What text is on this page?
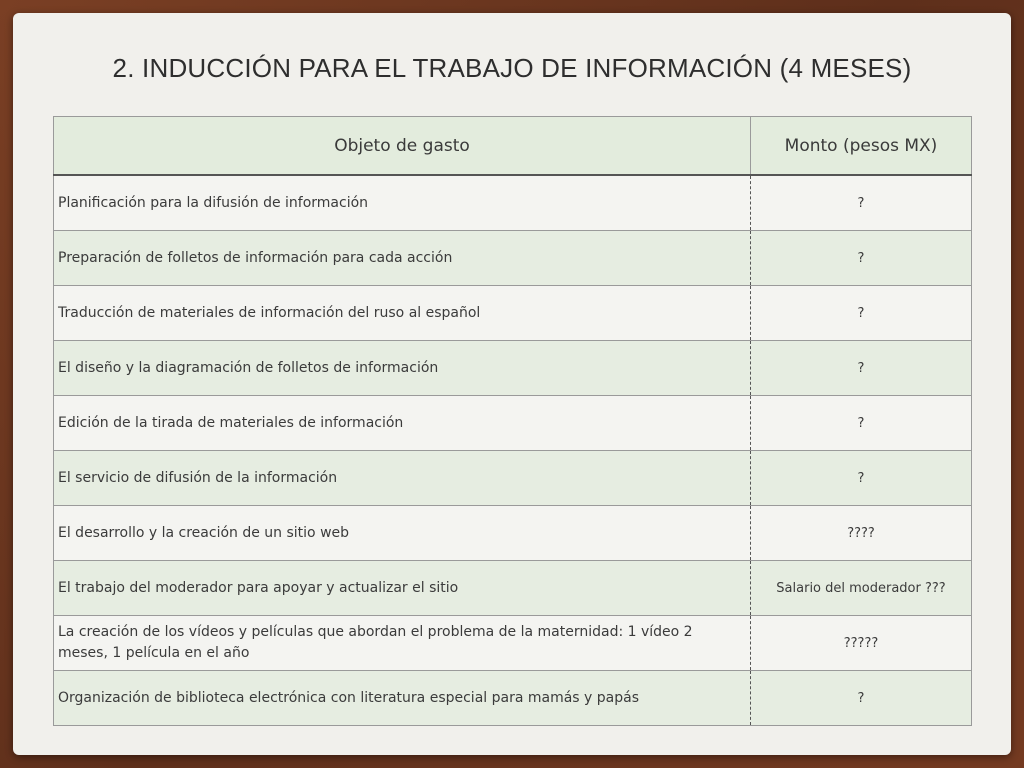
2. INDUCCIÓN PARA EL TRABAJO DE INFORMACIÓN (4 MESES)
Objeto de gasto	Monto (pesos MX)
Planificación para la difusión de información	?
Preparación de folletos de información para cada acción	?
Traducción de materiales de información del ruso al español	?
El diseño y la diagramación de folletos de información	?
Edición de la tirada de materiales de información	?
El servicio de difusión de la información	?
El desarrollo y la creación de un sitio web	????
El trabajo del moderador para apoyar y actualizar el sitio	Salario del moderador ???
La creación de los vídeos y películas que abordan el problema de la maternidad: 1 vídeo 2 meses, 1 película en el año	?????
Organización de biblioteca electrónica con literatura especial para mamás y papás	?
